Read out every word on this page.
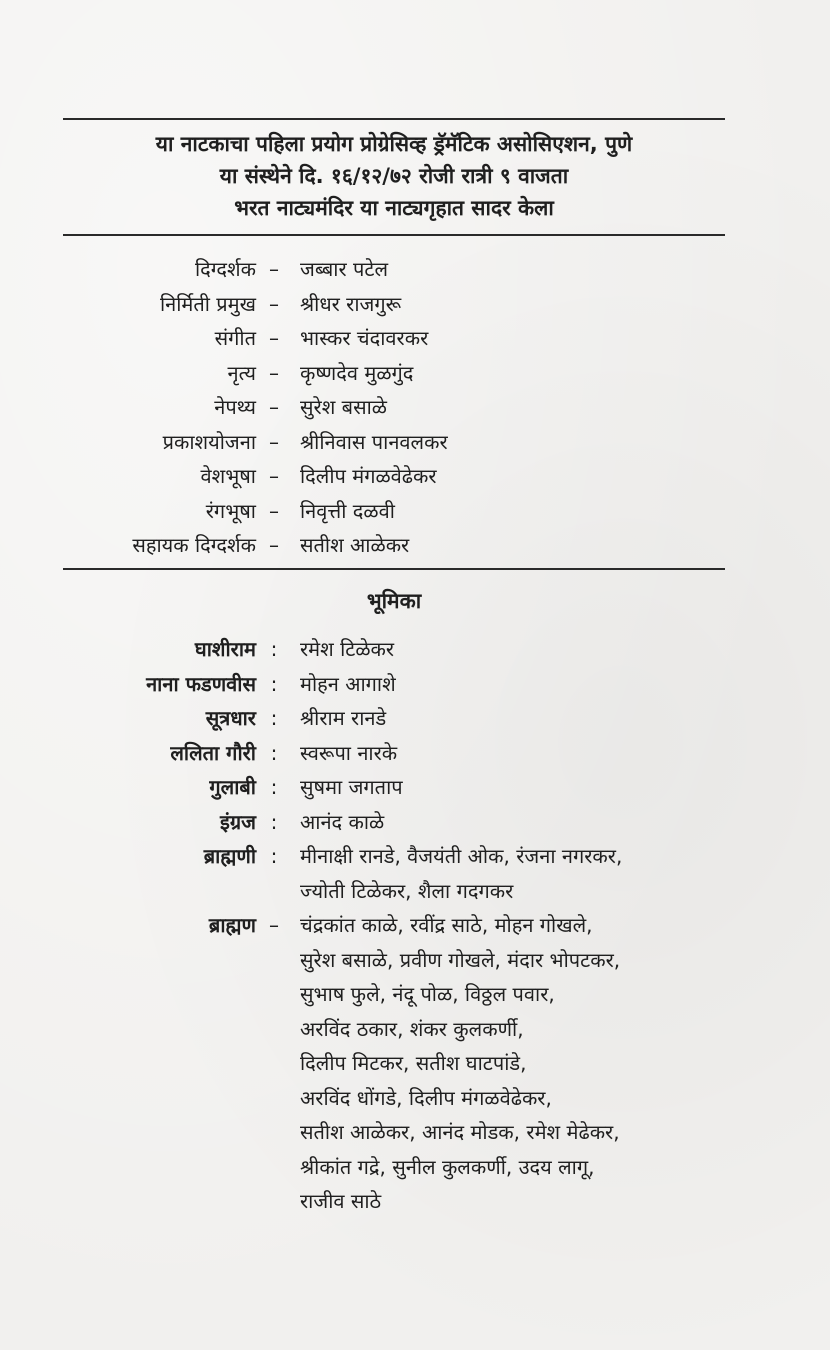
या नाटकाचा पहिला प्रयोग प्रोग्रेसिव्ह ड्रॅमॅटिक असोसिएशन, पुणे
या संस्थेने दि. १६/१२/७२ रोजी रात्री ९ वाजता
भरत नाट्यमंदिर या नाट्यगृहात सादर केला
दिग्दर्शक – जब्बार पटेल
निर्मिती प्रमुख – श्रीधर राजगुरू
संगीत – भास्कर चंदावरकर
नृत्य – कृष्णदेव मुळगुंद
नेपथ्य – सुरेश बसाळे
प्रकाशयोजना – श्रीनिवास पानवलकर
वेशभूषा – दिलीप मंगळवेढेकर
रंगभूषा – निवृत्ती दळवी
सहायक दिग्दर्शक – सतीश आळेकर
भूमिका
घाशीराम :	रमेश टिळेकर
नाना फडणवीस :	मोहन आगाशे
सूत्रधार :	श्रीराम रानडे
ललिता गौरी :	स्वरूपा नारके
गुलाबी :	सुषमा जगताप
इंग्रज :	आनंद काळे
ब्राह्मणी :	मीनाक्षी रानडे, वैजयंती ओक, रंजना नगरकर,
ज्योती टिळेकर, शैला गदगकर
ब्राह्मण – चंद्रकांत काळे, रवींद्र साठे, मोहन गोखले,
सुरेश बसाळे, प्रवीण गोखले, मंदार भोपटकर,
सुभाष फुले, नंदू पोळ, विठ्ठल पवार,
अरविंद ठकार, शंकर कुलकर्णी,
दिलीप मिटकर, सतीश घाटपांडे,
अरविंद धोंगडे, दिलीप मंगळवेढेकर,
सतीश आळेकर, आनंद मोडक, रमेश मेढेकर,
श्रीकांत गद्रे, सुनील कुलकर्णी, उदय लागू,
राजीव साठे
